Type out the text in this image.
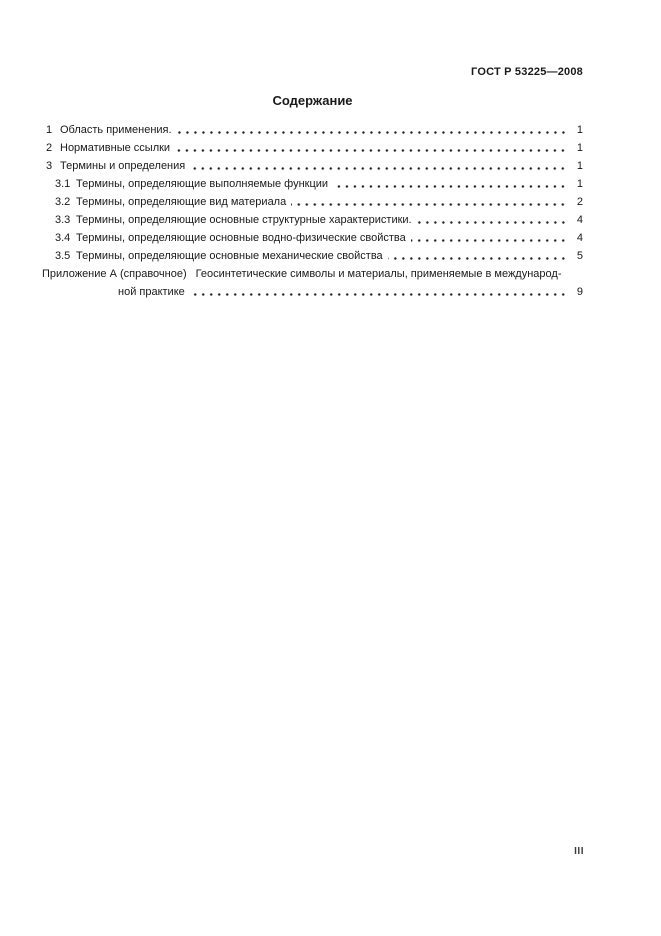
ГОСТ Р 53225—2008
Содержание
1 Область применения.	1
2 Нормативные ссылки	1
3 Термины и определения	1
3.1 Термины, определяющие выполняемые функции	1
3.2 Термины, определяющие вид материала	2
3.3 Термины, определяющие основные структурные характеристики.	4
3.4 Термины, определяющие основные водно-физические свойства	4
3.5 Термины, определяющие основные механические свойства	5
Приложение А (справочное) Геосинтетические символы и материалы, применяемые в международ-
ной практике	9
III
